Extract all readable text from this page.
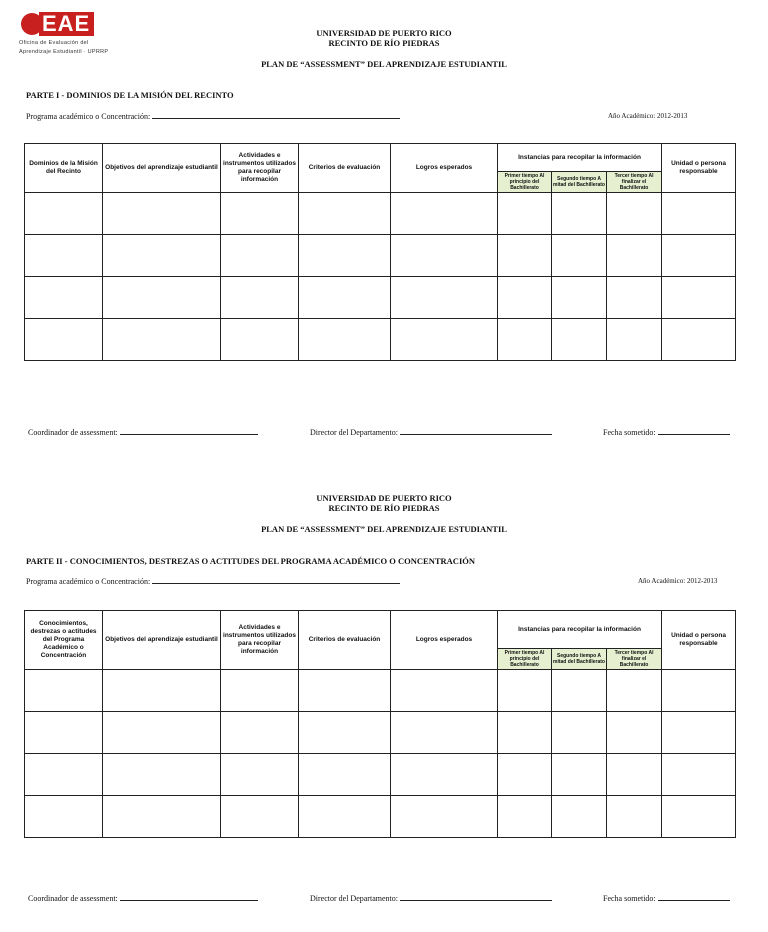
EAE
Oficina de Evaluación del
Aprendizaje Estudiantil · UPRRP
UNIVERSIDAD DE PUERTO RICO
RECINTO DE RÍO PIEDRAS
PLAN DE “ASSESSMENT” DEL APRENDIZAJE ESTUDIANTIL
PARTE I - DOMINIOS DE LA MISIÓN DEL RECINTO
Programa académico o Concentración:	Año Académico: 2012-2013
Dominios de la Misión del Recinto	Objetivos del aprendizaje estudiantil	Actividades e instrumentos utilizados para recopilar información	Criterios de evaluación	Logros esperados	Instancias para recopilar la información			Unidad o persona responsable
					Primer tiempo Al principio del Bachillerato	Segundo tiempo A mitad del Bachillerato	Tercer tiempo Al finalizar el Bachillerato	

Coordinador de assessment:	Director del Departamento:	Fecha sometido:
UNIVERSIDAD DE PUERTO RICO
RECINTO DE RÍO PIEDRAS
PLAN DE “ASSESSMENT” DEL APRENDIZAJE ESTUDIANTIL
PARTE II - CONOCIMIENTOS, DESTREZAS O ACTITUDES DEL PROGRAMA ACADÉMICO O CONCENTRACIÓN
Programa académico o Concentración:	Año Académico: 2012-2013
Conocimientos, destrezas o actitudes del Programa Académico o Concentración	Objetivos del aprendizaje estudiantil	Actividades e instrumentos utilizados para recopilar información	Criterios de evaluación	Logros esperados	Instancias para recopilar la información			Unidad o persona responsable
					Primer tiempo Al principio del Bachillerato	Segundo tiempo A mitad del Bachillerato	Tercer tiempo Al finalizar el Bachillerato	

Coordinador de assessment:	Director del Departamento:	Fecha sometido:
